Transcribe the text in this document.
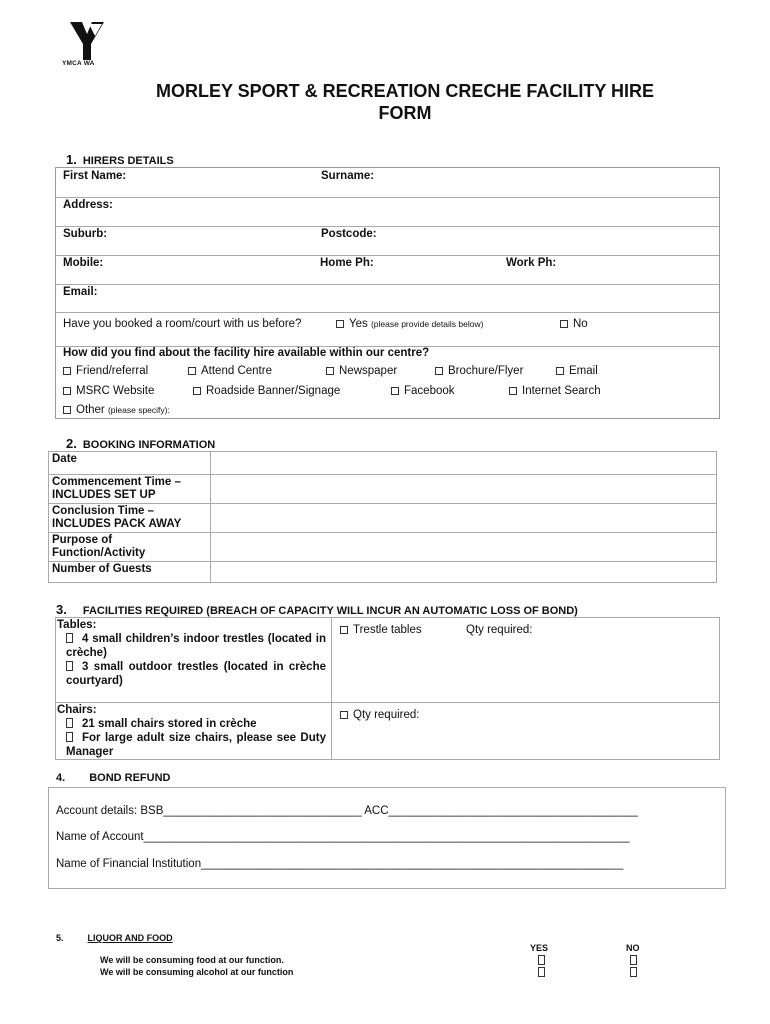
YMCA WA
MORLEY SPORT & RECREATION CRECHE FACILITY HIRE
FORM
1. HIRERS DETAILS
First Name:	Surname:
Address:
Suburb:	Postcode:
Mobile:	Home Ph:	Work Ph:
Email:
Have you booked a room/court with us before?	Yes (please provide details below)	No
How did you find about the facility hire available within our centre?
Friend/referral	Attend Centre	Newspaper	Brochure/Flyer	Email
MSRC Website	Roadside Banner/Signage	Facebook	Internet Search
Other (please specify):
2. BOOKING INFORMATION
Date	
Commencement Time – INCLUDES SET UP	
Conclusion Time – INCLUDES PACK AWAY	
Purpose of Function/Activity	
Number of Guests	
3. FACILITIES REQUIRED (BREACH OF CAPACITY WILL INCUR AN AUTOMATIC LOSS OF BOND)
Tables:
4 small children’s indoor trestles (located in crèche)
3 small outdoor trestles (located in crèche courtyard)
Trestle tables	Qty required:
Chairs:
21 small chairs stored in crèche
For large adult size chairs, please see Duty Manager
Qty required:
4. BOND REFUND
Account details: BSB_______________________________ ACC_______________________________________
Name of Account____________________________________________________________________________
Name of Financial Institution__________________________________________________________________
5.	LIQUOR AND FOOD
YES	NO
We will be consuming food at our function.
We will be consuming alcohol at our function
